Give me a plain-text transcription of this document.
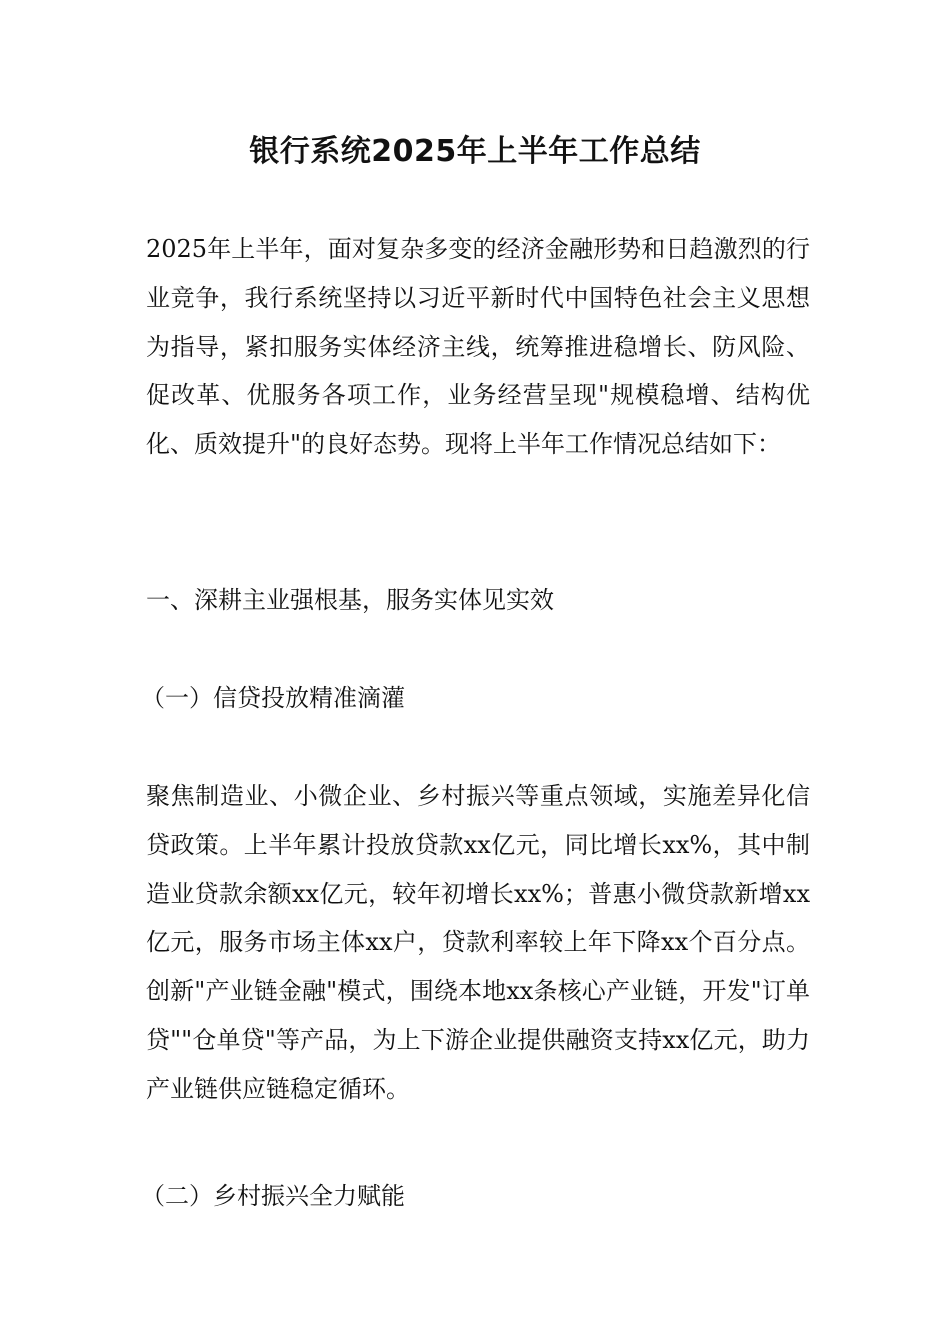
银行系统2025年上半年工作总结

2025年上半年，面对复杂多变的经济金融形势和日趋激烈的行业竞争，我行系统坚持以习近平新时代中国特色社会主义思想为指导，紧扣服务实体经济主线，统筹推进稳增长、防风险、促改革、优服务各项工作，业务经营呈现"规模稳增、结构优化、质效提升"的良好态势。现将上半年工作情况总结如下：

一、深耕主业强根基，服务实体见实效

（一）信贷投放精准滴灌

聚焦制造业、小微企业、乡村振兴等重点领域，实施差异化信贷政策。上半年累计投放贷款xx亿元，同比增长xx%，其中制造业贷款余额xx亿元，较年初增长xx%；普惠小微贷款新增xx亿元，服务市场主体xx户，贷款利率较上年下降xx个百分点。创新"产业链金融"模式，围绕本地xx条核心产业链，开发"订单贷""仓单贷"等产品，为上下游企业提供融资支持xx亿元，助力产业链供应链稳定循环。

（二）乡村振兴全力赋能
